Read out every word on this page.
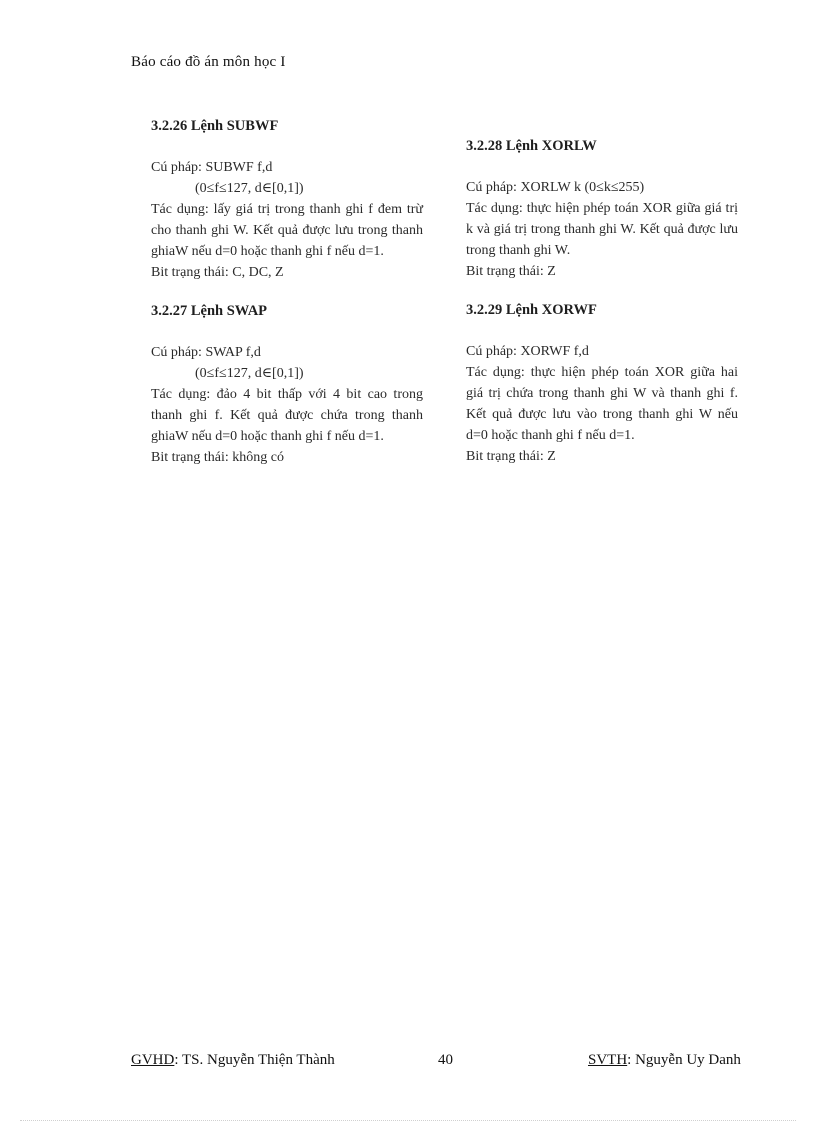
Báo cáo đồ án môn học I

3.2.26 Lệnh SUBWF

Cú pháp: SUBWF f,d

(0≤f≤127, d∈[0,1])

Tác dụng: lấy giá trị trong thanh ghi f đem trừ cho thanh ghi W. Kết quả được lưu trong thanh ghiaW nếu d=0 hoặc thanh ghi f nếu d=1.

Bit trạng thái: C, DC, Z

3.2.27 Lệnh SWAP

Cú pháp: SWAP f,d

(0≤f≤127, d∈[0,1])

Tác dụng: đảo 4 bit thấp với 4 bit cao trong thanh ghi f. Kết quả được chứa trong thanh ghiaW nếu d=0 hoặc thanh ghi f nếu d=1.

Bit trạng thái: không có

3.2.28 Lệnh XORLW

Cú pháp: XORLW k (0≤k≤255)

Tác dụng: thực hiện phép toán XOR giữa giá trị k và giá trị trong thanh ghi W. Kết quả được lưu trong thanh ghi W.

Bit trạng thái: Z

3.2.29 Lệnh XORWF

Cú pháp: XORWF f,d

Tác dụng: thực hiện phép toán XOR giữa hai giá trị chứa trong thanh ghi W và thanh ghi f. Kết quả được lưu vào trong thanh ghi W nếu d=0 hoặc thanh ghi f nếu d=1.

Bit trạng thái: Z

GVHD: TS. Nguyễn Thiện Thành	40	SVTH: Nguyễn Uy Danh
